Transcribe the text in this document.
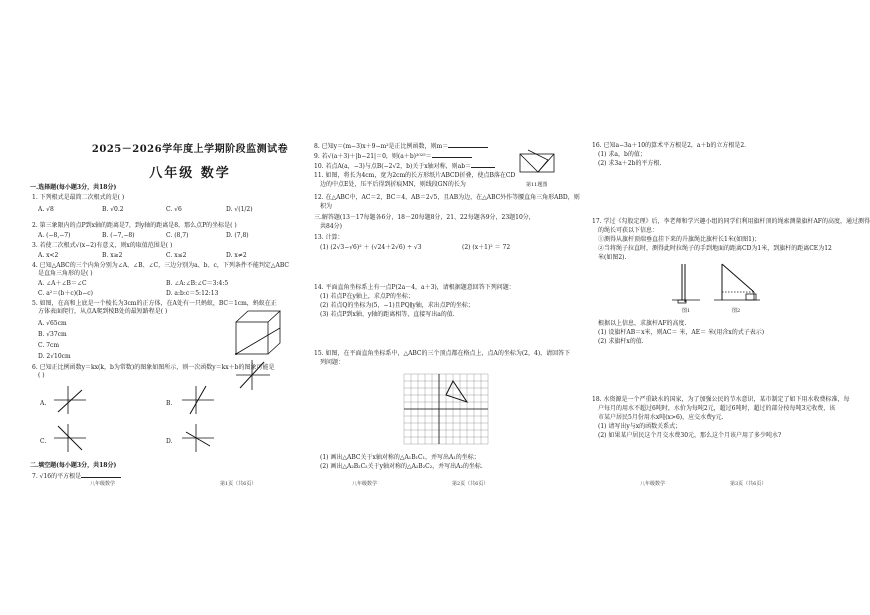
2025－2026学年度上学期阶段监测试卷
八年级 数学
一.选择题(每小题3分，共18分)
1. 下列根式是最简二次根式的是( )
A. √8	B. √0.2	C. √6	D. √(1/2)
2. 第三象限内的点P到x轴的距离是7，到y轴的距离是8，那么点P的坐标是( )
A. (−8,−7)	B. (−7,−8)	C. (8,7)	D. (7,8)
3. 若使二次根式√(x−2)有意义，则x的取值范围是( )
A. x<2	B. x≥2	C. x≤2	D. x≠2
4. 已知△ABC的三个内角分别为∠A、∠B、∠C，三边分别为a、b、c，下列条件不能判定△ABC
是直角三角形的是( )
A. ∠A＋∠B＝∠C	B. ∠A:∠B:∠C＝3:4:5
C. a²＝(b＋c)(b−c)	D. a:b:c＝5:12:13
5. 如图，在高和上底是一个棱长为3cm的正方体，在A处有一只蚂蚁，BC＝1cm，蚂蚁在正
方体表面爬行，从点A爬到棱B处的最短路程是( )
A. √65cm
B. √37cm
C. 7cm
D. 2√10cm
6. 已知正比例函数y＝kx(k，b为常数)的图象如图所示，则一次函数y＝kx＋b的图象可能是
( )
A.	B.
C.	D.
二.填空题(每小题3分，共18分)
7. √16的平方根是
八年级数学	第1页（共6页）
8. 已知y＝(m−3)x＋9−m²是正比例函数，则m＝
9. 若√(a＋3)＋|b−21|＝0，则(a＋b)²⁰²⁵＝
10. 若点A(a，−3)与点B(−2√2，b)关于x轴对称，则ab＝
11. 如图，将长为4cm，宽为2cm的长方形纸片ABCD折叠，使点B落在CD
边的中点E处，压平后得到折痕MN，则线段GN的长为	第11题图
12. 在△ABC中，AC＝2，BC＝4，AB＝2√5，且AB为边，在△ABC外作等腰直角三角形ABD，则
积为
三.解答题(13－17每题各6分，18－20每题8分，21、22每题各9分，23题10分，
共84分)
13. 计算：
(1) (2√3−√6)² ＋ (√24＋2√6) ÷ √3	(2) (x＋1)² ＝ 72
14. 平面直角坐标系上有一点P(2a－4，a＋3)，请根据题意回答下列问题：
(1) 若点P在y轴上，求点P的坐标；
(2) 若点Q的坐标为(5，−1)且PQ∥y轴，求出点P的坐标；
(3) 若点P到x轴、y轴的距离相等，直接写出a的值.
15. 如图，在平面直角坐标系中，△ABC的三个顶点都在格点上，点A的坐标为(2，4)，请回答下
列问题：
(1) 画出△ABC关于x轴对称的△A₁B₁C₁，并写出A₁的坐标；
(2) 画出△A₂B₂C₂关于y轴对称的△A₂B₂C₂，并写出A₂的坐标.
八年级数学	第2页（共6页）
16. 已知a−3a＋10的算术平方根是2，a＋b的立方根是2.
(1) 求a，b的值；
(2) 求3a＋2b的平方根.
17. 学过《勾股定理》后，李老师和学兴趣小组的同学们利用旗杆顶的绳索测量旗杆AF的高度，通过测得
的绳长可获以下信息：
①测得从旗杆顶端垂直挂下来的升旗绳比旗杆长1米(如图1)；
②当将绳子拉直时，测得此时拉绳子的手到地面的距离CD为1米，到旗杆的距离CE为12
米(如图2).
图1	图2
根据以上信息，求旗杆AF的高度.
(1) 设旗杆AB＝x米，则AC＝ 米，AE＝ 米(用含x的式子表示)
(2) 求旗杆x的值.
18. 水资源是一个严重缺水的国家，为了加强公民的节水意识，某市制定了如下用水收费标准，每
户每月的用水不超过6吨时，水价为每吨2元，超过6吨时，超过的部分按每吨3元收费，该
市某户居民5月份用水x吨(x>6)，应交水费y元.
(1) 请写出y与x的函数关系式；
(2) 如果某户居民这个月交水费30元，那么这个月该户用了多少吨水?
八年级数学	第3页（共6页）
